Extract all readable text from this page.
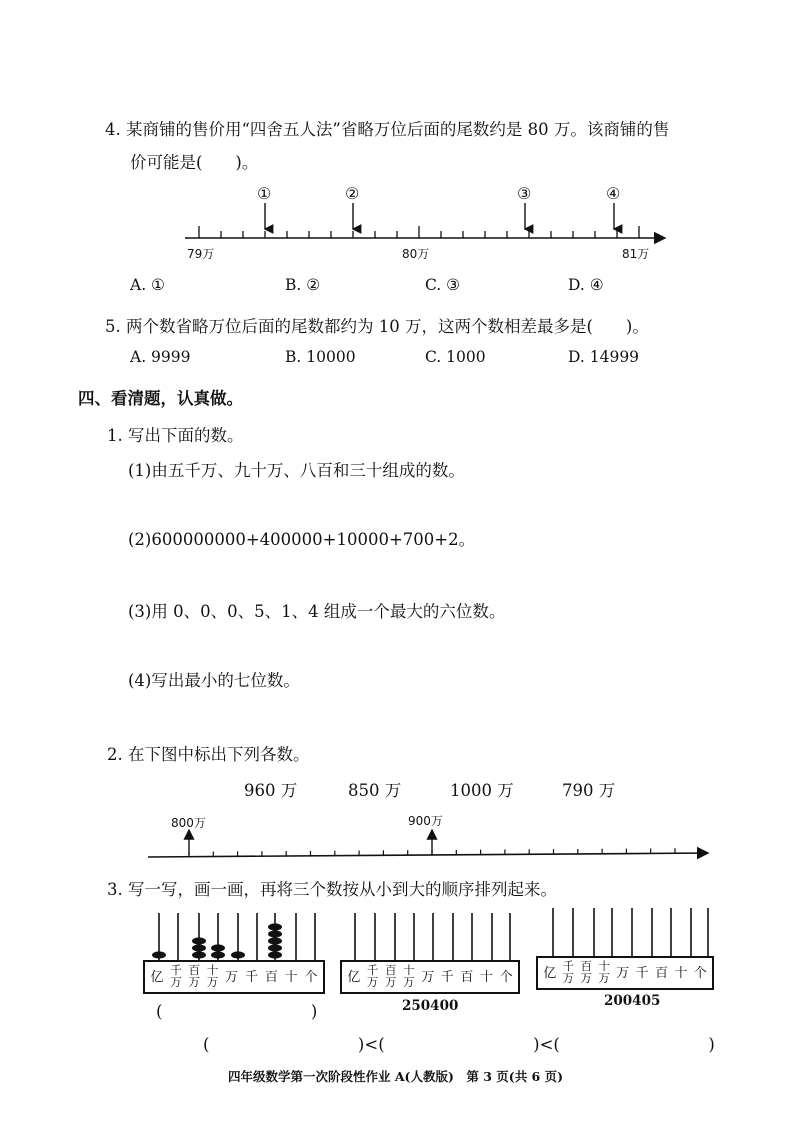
4. 某商铺的售价用“四舍五人法”省略万位后面的尾数约是 80 万。该商铺的售
价可能是(　　)。
①	②	③	④
79万	80万	81万
A. ①	B. ②	C. ③	D. ④
5. 两个数省略万位后面的尾数都约为 10 万，这两个数相差最多是(　　)。
A. 9999	B. 10000	C. 1000	D. 14999
四、看清题，认真做。
1. 写出下面的数。
(1)由五千万、九十万、八百和三十组成的数。
(2)600000000+400000+10000+700+2。
(3)用 0、0、0、5、1、4 组成一个最大的六位数。
(4)写出最小的七位数。
2. 在下图中标出下列各数。
960 万	850 万	1000 万	790 万
800万	900万
3. 写一写，画一画，再将三个数按从小到大的顺序排列起来。
亿 千
万
百
万
十
万 万 千 百 十 个
(　　　　　　　　　)
亿 千
万
百
万
十
万 万 千 百 十 个
250400
亿 千
万
百
万
十
万 万 千 百 十 个
200405
(　　　　　　　　　)<(　　　　　　　　　)<(　　　　　　　　　)
四年级数学第一次阶段性作业 A(人教版)　第 3 页(共 6 页)
